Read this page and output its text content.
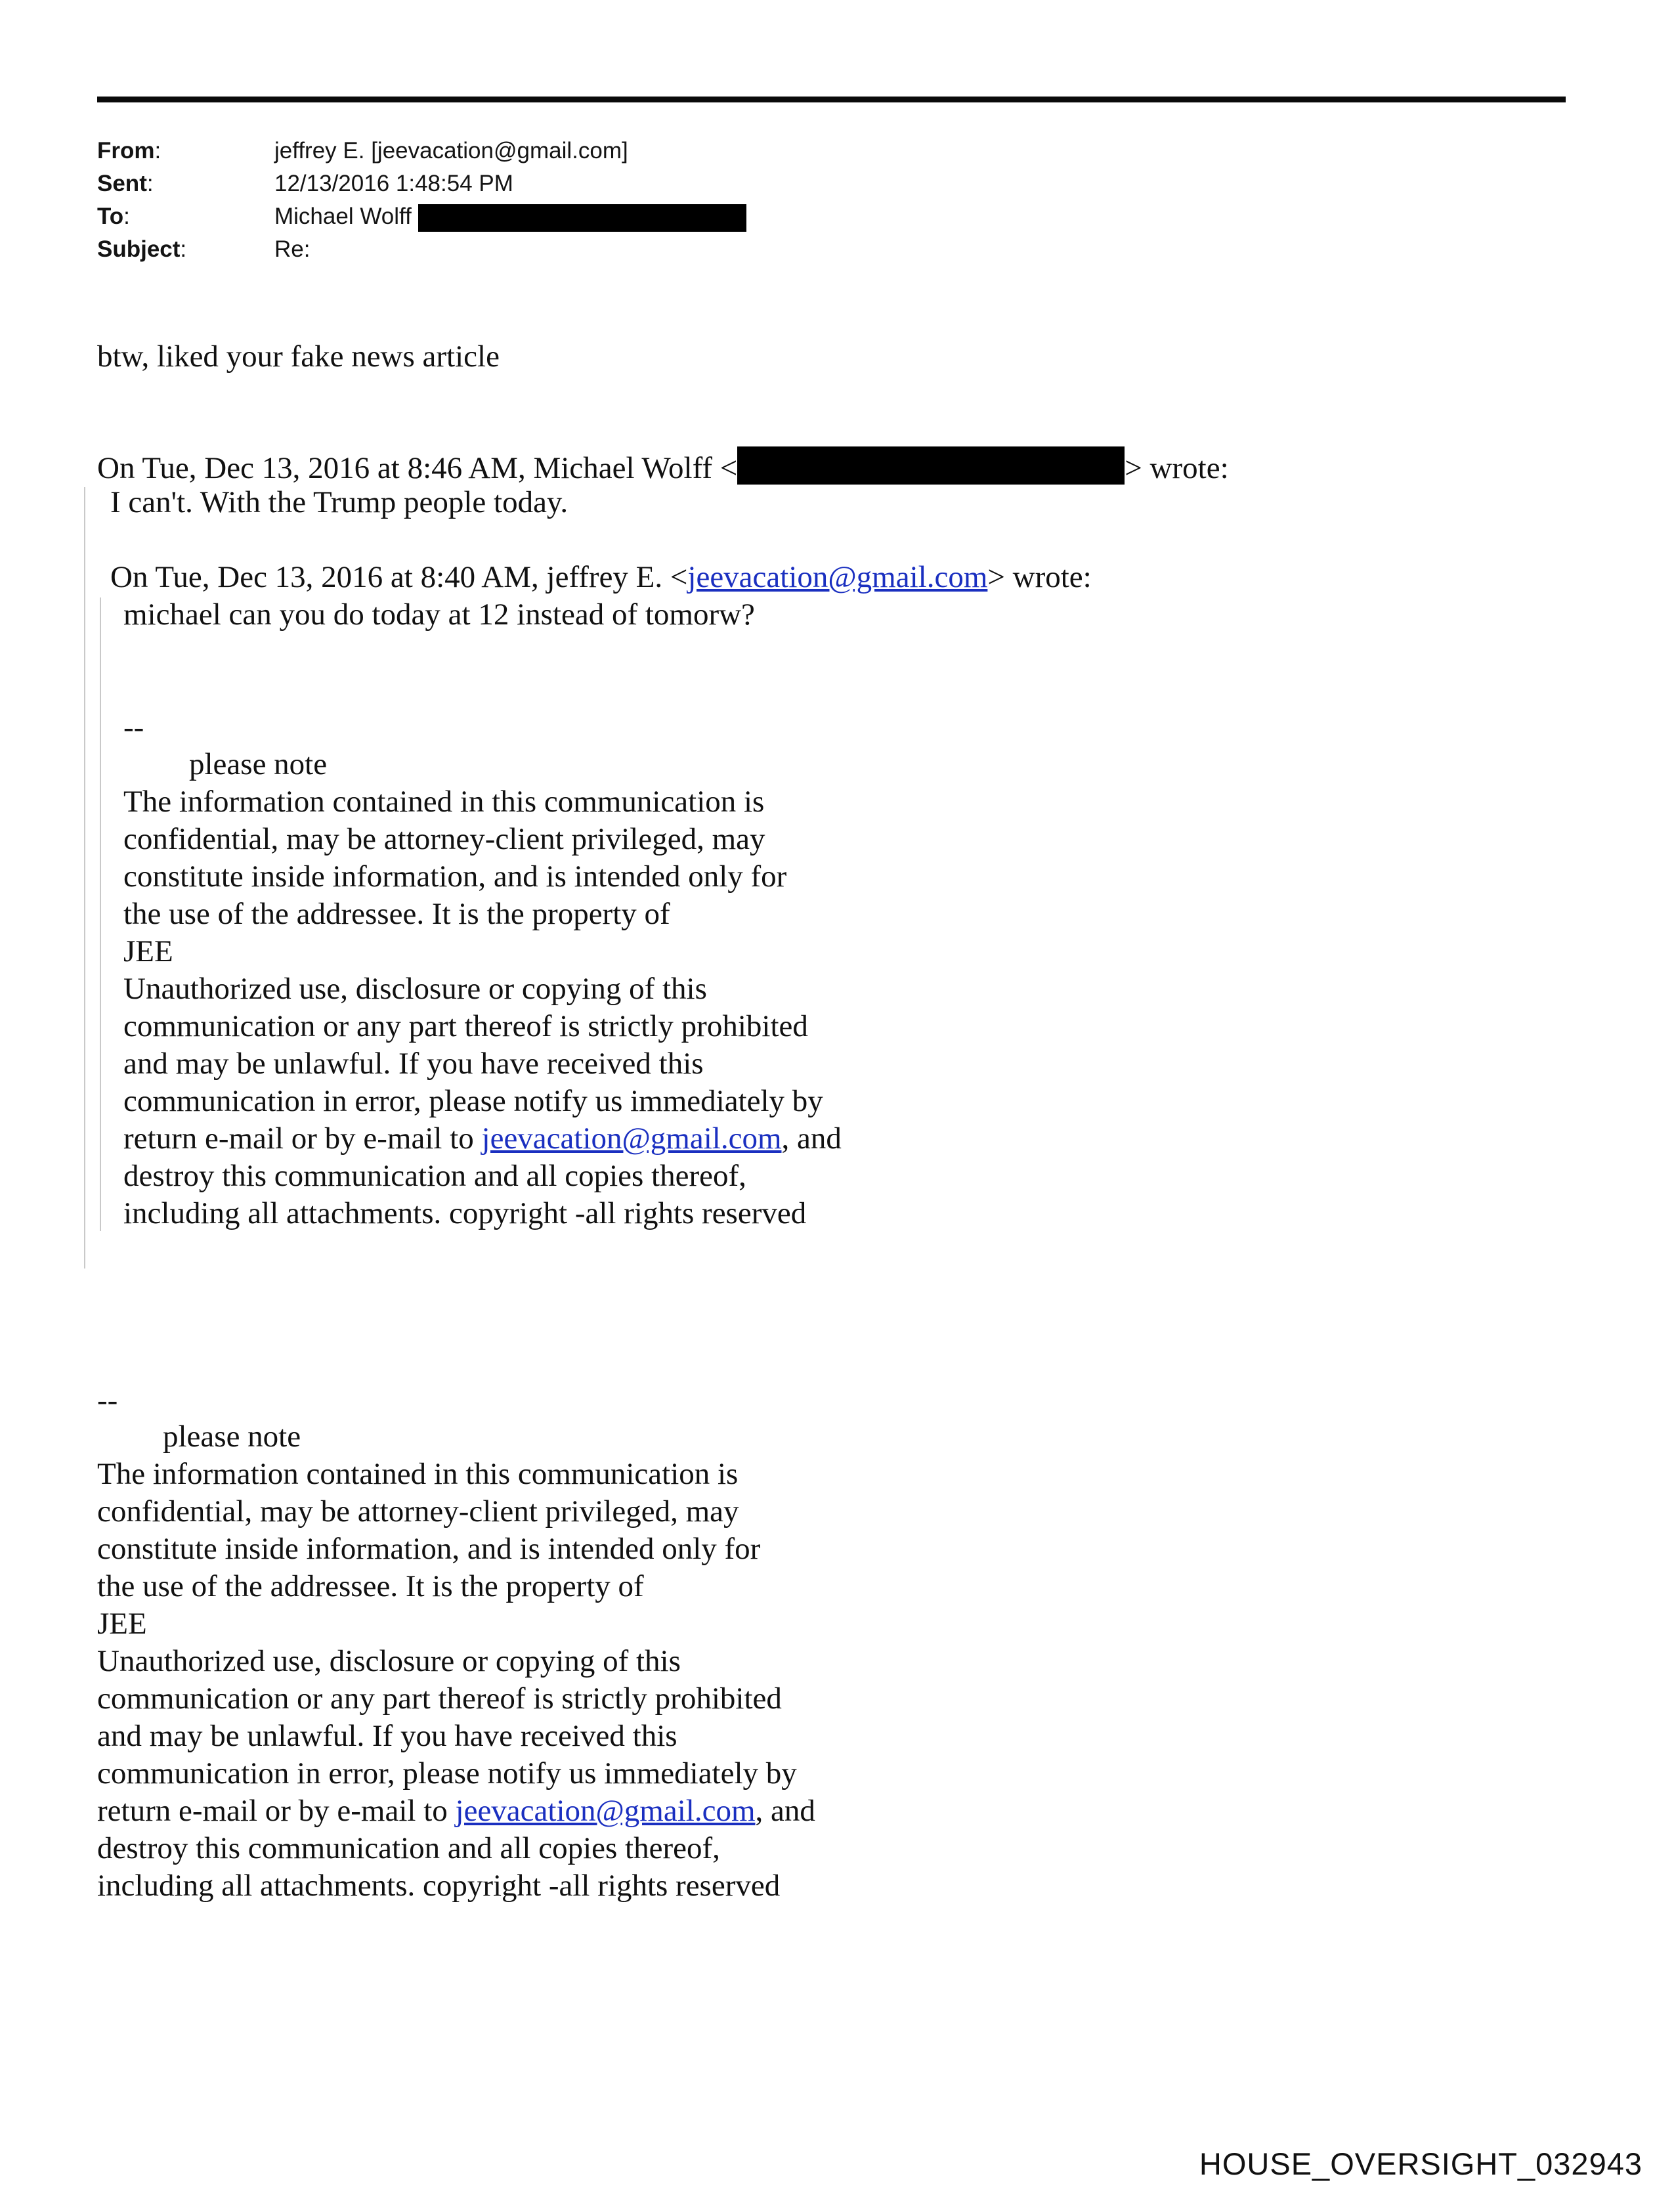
From:	jeffrey E. [jeevacation@gmail.com]
Sent:	12/13/2016 1:48:54 PM
To:	Michael Wolff
Subject:	Re:
btw, liked your fake news article
On Tue, Dec 13, 2016 at 8:46 AM, Michael Wolff <	> wrote:
I can't. With the Trump people today.
On Tue, Dec 13, 2016 at 8:40 AM, jeffrey E. <jeevacation@gmail.com> wrote:
michael can you do today at 12 instead of tomorw?
--
please note
The information contained in this communication is
confidential, may be attorney-client privileged, may
constitute inside information, and is intended only for
the use of the addressee. It is the property of
JEE
Unauthorized use, disclosure or copying of this
communication or any part thereof is strictly prohibited
and may be unlawful. If you have received this
communication in error, please notify us immediately by
return e-mail or by e-mail to jeevacation@gmail.com, and
destroy this communication and all copies thereof,
including all attachments. copyright -all rights reserved
--
please note
The information contained in this communication is
confidential, may be attorney-client privileged, may
constitute inside information, and is intended only for
the use of the addressee. It is the property of
JEE
Unauthorized use, disclosure or copying of this
communication or any part thereof is strictly prohibited
and may be unlawful. If you have received this
communication in error, please notify us immediately by
return e-mail or by e-mail to jeevacation@gmail.com, and
destroy this communication and all copies thereof,
including all attachments. copyright -all rights reserved
HOUSE_OVERSIGHT_032943
